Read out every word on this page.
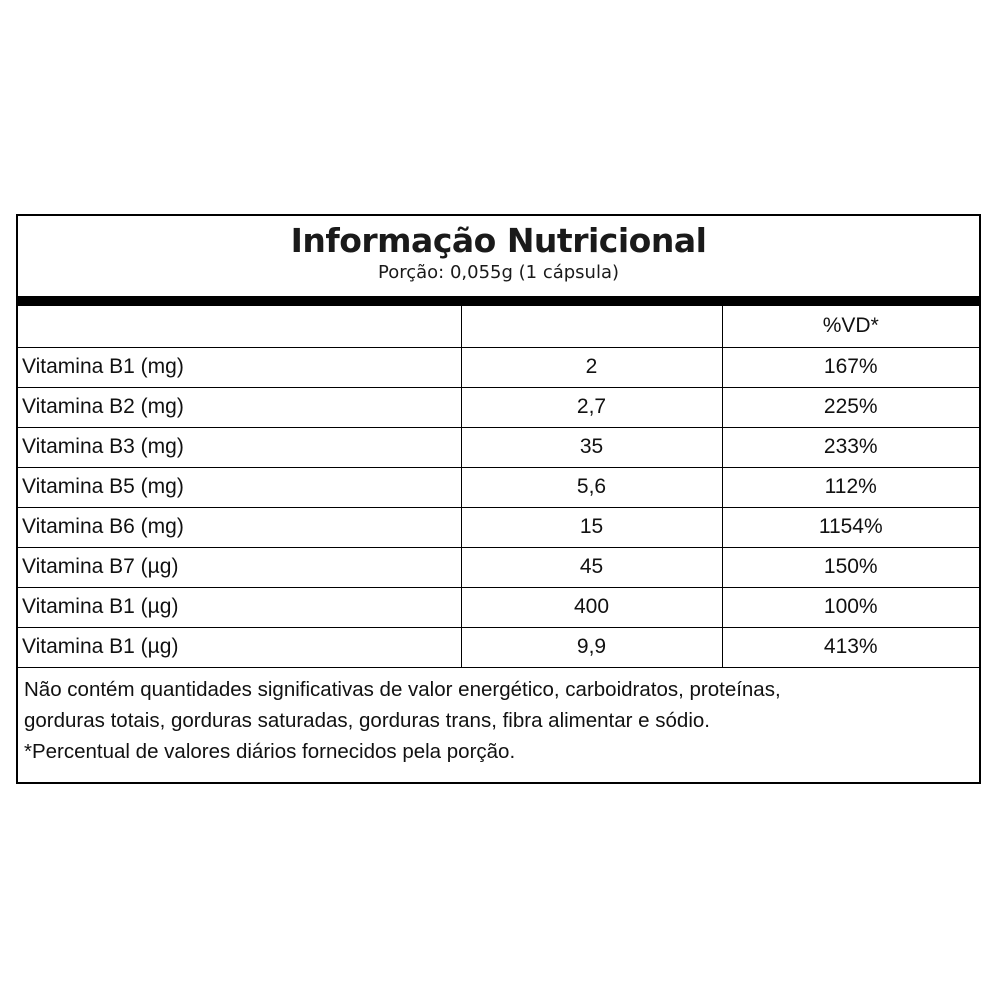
Informação Nutricional
Porção: 0,055g (1 cápsula)
		%VD*
Vitamina B1 (mg)	2	167%
Vitamina B2 (mg)	2,7	225%
Vitamina B3 (mg)	35	233%
Vitamina B5 (mg)	5,6	112%
Vitamina B6 (mg)	15	1154%
Vitamina B7 (µg)	45	150%
Vitamina B1 (µg)	400	100%
Vitamina B1 (µg)	9,9	413%
Não contém quantidades significativas de valor energético, carboidratos, proteínas,
gorduras totais, gorduras saturadas, gorduras trans, fibra alimentar e sódio.
*Percentual de valores diários fornecidos pela porção.
